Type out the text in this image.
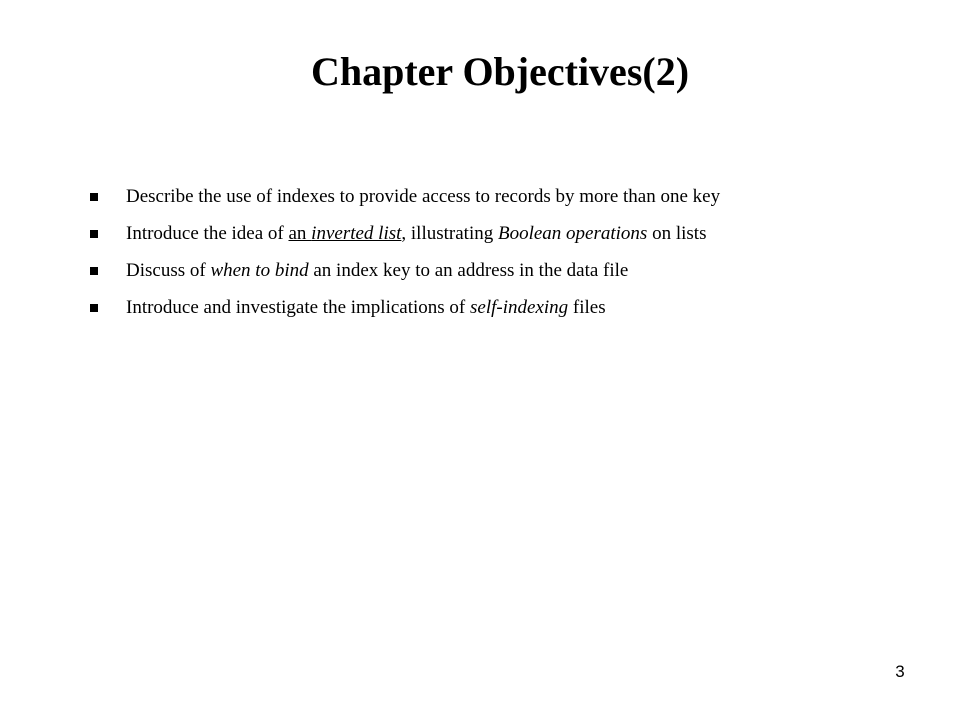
Chapter Objectives(2)
Describe the use of indexes to provide access to records by more than one key
Introduce the idea of an inverted list, illustrating Boolean operations on lists
Discuss of when to bind an index key to an address in the data file
Introduce and investigate the implications of self-indexing files
3
